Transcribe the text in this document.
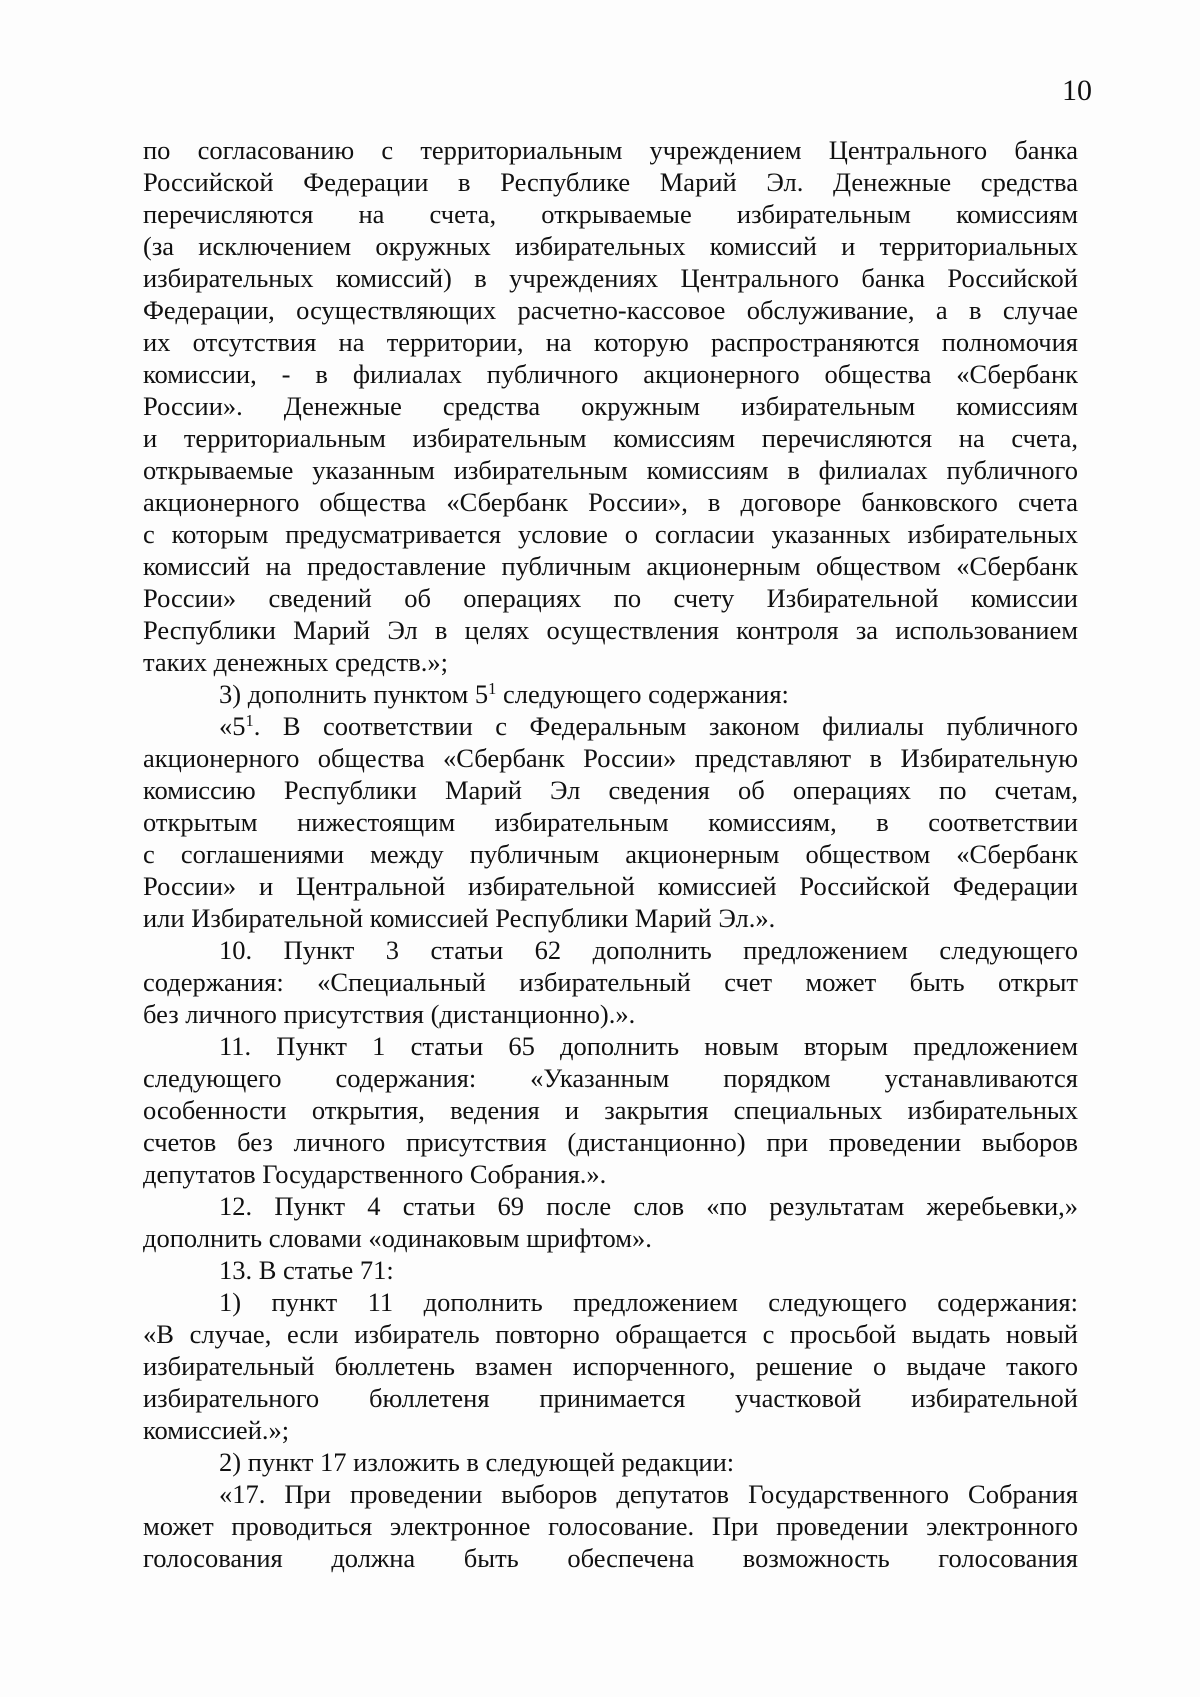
10
по согласованию с территориальным учреждением Центрального банка
Российской Федерации в Республике Марий Эл. Денежные средства
перечисляются на счета, открываемые избирательным комиссиям
(за исключением окружных избирательных комиссий и территориальных
избирательных комиссий) в учреждениях Центрального банка Российской
Федерации, осуществляющих расчетно-кассовое обслуживание, а в случае
их отсутствия на территории, на которую распространяются полномочия
комиссии, - в филиалах публичного акционерного общества «Сбербанк
России». Денежные средства окружным избирательным комиссиям
и территориальным избирательным комиссиям перечисляются на счета,
открываемые указанным избирательным комиссиям в филиалах публичного
акционерного общества «Сбербанк России», в договоре банковского счета
с которым предусматривается условие о согласии указанных избирательных
комиссий на предоставление публичным акционерным обществом «Сбербанк
России» сведений об операциях по счету Избирательной комиссии
Республики Марий Эл в целях осуществления контроля за использованием
таких денежных средств.»;
3) дополнить пунктом $5^1$ следующего содержания:
«$5^1$. В соответствии с Федеральным законом филиалы публичного
акционерного общества «Сбербанк России» представляют в Избирательную
комиссию Республики Марий Эл сведения об операциях по счетам,
открытым нижестоящим избирательным комиссиям, в соответствии
с соглашениями между публичным акционерным обществом «Сбербанк
России» и Центральной избирательной комиссией Российской Федерации
или Избирательной комиссией Республики Марий Эл.».
10. Пункт 3 статьи 62 дополнить предложением следующего
содержания: «Специальный избирательный счет может быть открыт
без личного присутствия (дистанционно).».
11. Пункт 1 статьи 65 дополнить новым вторым предложением
следующего содержания: «Указанным порядком устанавливаются
особенности открытия, ведения и закрытия специальных избирательных
счетов без личного присутствия (дистанционно) при проведении выборов
депутатов Государственного Собрания.».
12. Пункт 4 статьи 69 после слов «по результатам жеребьевки,»
дополнить словами «одинаковым шрифтом».
13. В статье 71:
1) пункт 11 дополнить предложением следующего содержания:
«В случае, если избиратель повторно обращается с просьбой выдать новый
избирательный бюллетень взамен испорченного, решение о выдаче такого
избирательного бюллетеня принимается участковой избирательной
комиссией.»;
2) пункт 17 изложить в следующей редакции:
«17. При проведении выборов депутатов Государственного Собрания
может проводиться электронное голосование. При проведении электронного
голосования должна быть обеспечена возможность голосования
